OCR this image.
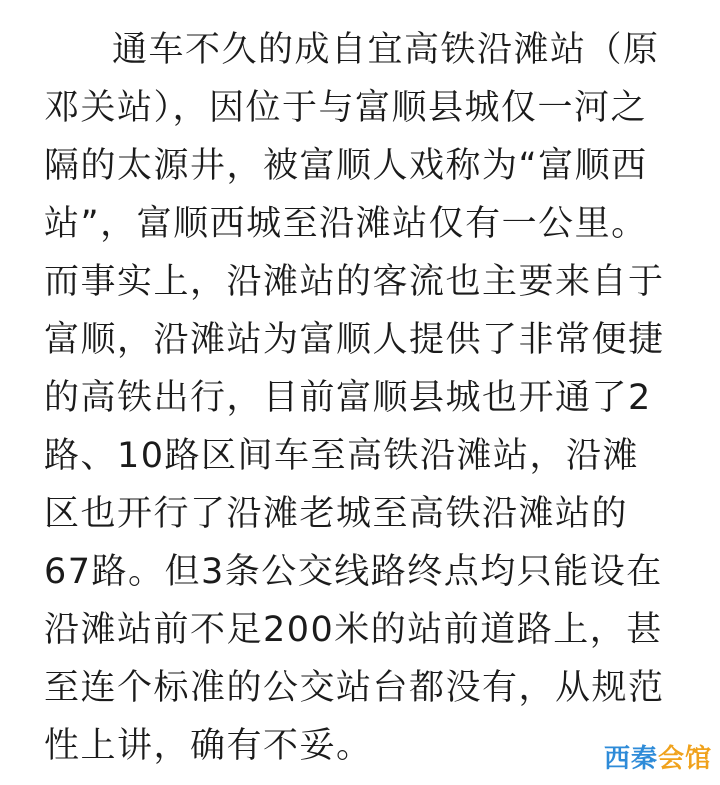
通车不久的成自宜高铁沿滩站（原
邓关站），因位于与富顺县城仅一河之
隔的太源井，被富顺人戏称为“富顺西
站”，富顺西城至沿滩站仅有一公里。
而事实上，沿滩站的客流也主要来自于
富顺，沿滩站为富顺人提供了非常便捷
的高铁出行，目前富顺县城也开通了2
路、10路区间车至高铁沿滩站，沿滩
区也开行了沿滩老城至高铁沿滩站的
67路。但3条公交线路终点均只能设在
沿滩站前不足200米的站前道路上，甚
至连个标准的公交站台都没有，从规范
性上讲，确有不妥。	西秦会馆
